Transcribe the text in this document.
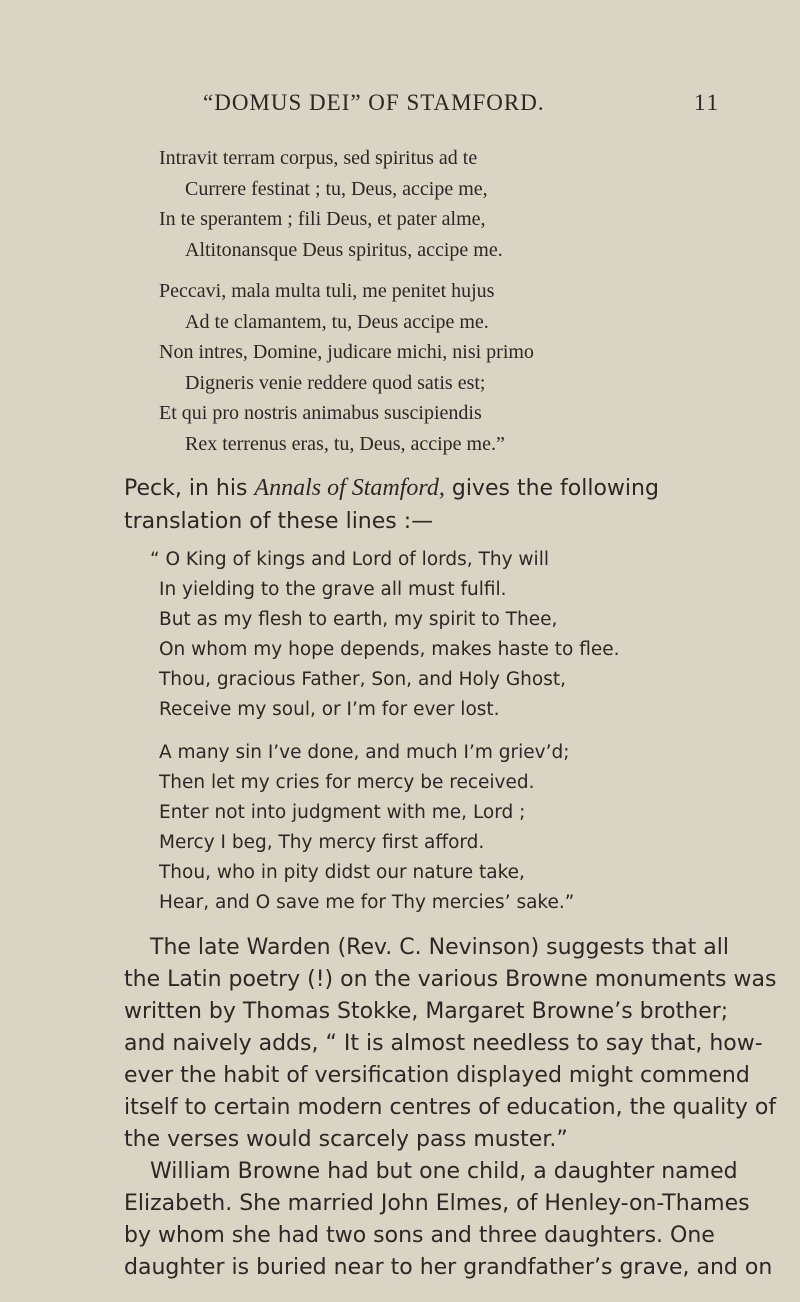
“DOMUS DEI” OF STAMFORD.	11
Intravit terram corpus, sed spiritus ad te
Currere festinat ; tu, Deus, accipe me,
In te sperantem ; fili Deus, et pater alme,
Altitonansque Deus spiritus, accipe me.
Peccavi, mala multa tuli, me penitet hujus
Ad te clamantem, tu, Deus accipe me.
Non intres, Domine, judicare michi, nisi primo
Digneris venie reddere quod satis est;
Et qui pro nostris animabus suscipiendis
Rex terrenus eras, tu, Deus, accipe me.”
Peck, in his Annals of Stamford, gives the following
translation of these lines :—
“ O King of kings and Lord of lords, Thy will
In yielding to the grave all must fulfil.
But as my flesh to earth, my spirit to Thee,
On whom my hope depends, makes haste to flee.
Thou, gracious Father, Son, and Holy Ghost,
Receive my soul, or I’m for ever lost.
A many sin I’ve done, and much I’m griev’d;
Then let my cries for mercy be received.
Enter not into judgment with me, Lord ;
Mercy I beg, Thy mercy first afford.
Thou, who in pity didst our nature take,
Hear, and O save me for Thy mercies’ sake.”
The late Warden (Rev. C. Nevinson) suggests that all
the Latin poetry (!) on the various Browne monuments was
written by Thomas Stokke, Margaret Browne’s brother;
and naively adds, “ It is almost needless to say that, how-
ever the habit of versification displayed might commend
itself to certain modern centres of education, the quality of
the verses would scarcely pass muster.”
William Browne had but one child, a daughter named
Elizabeth. She married John Elmes, of Henley-on-Thames
by whom she had two sons and three daughters. One
daughter is buried near to her grandfather’s grave, and on
